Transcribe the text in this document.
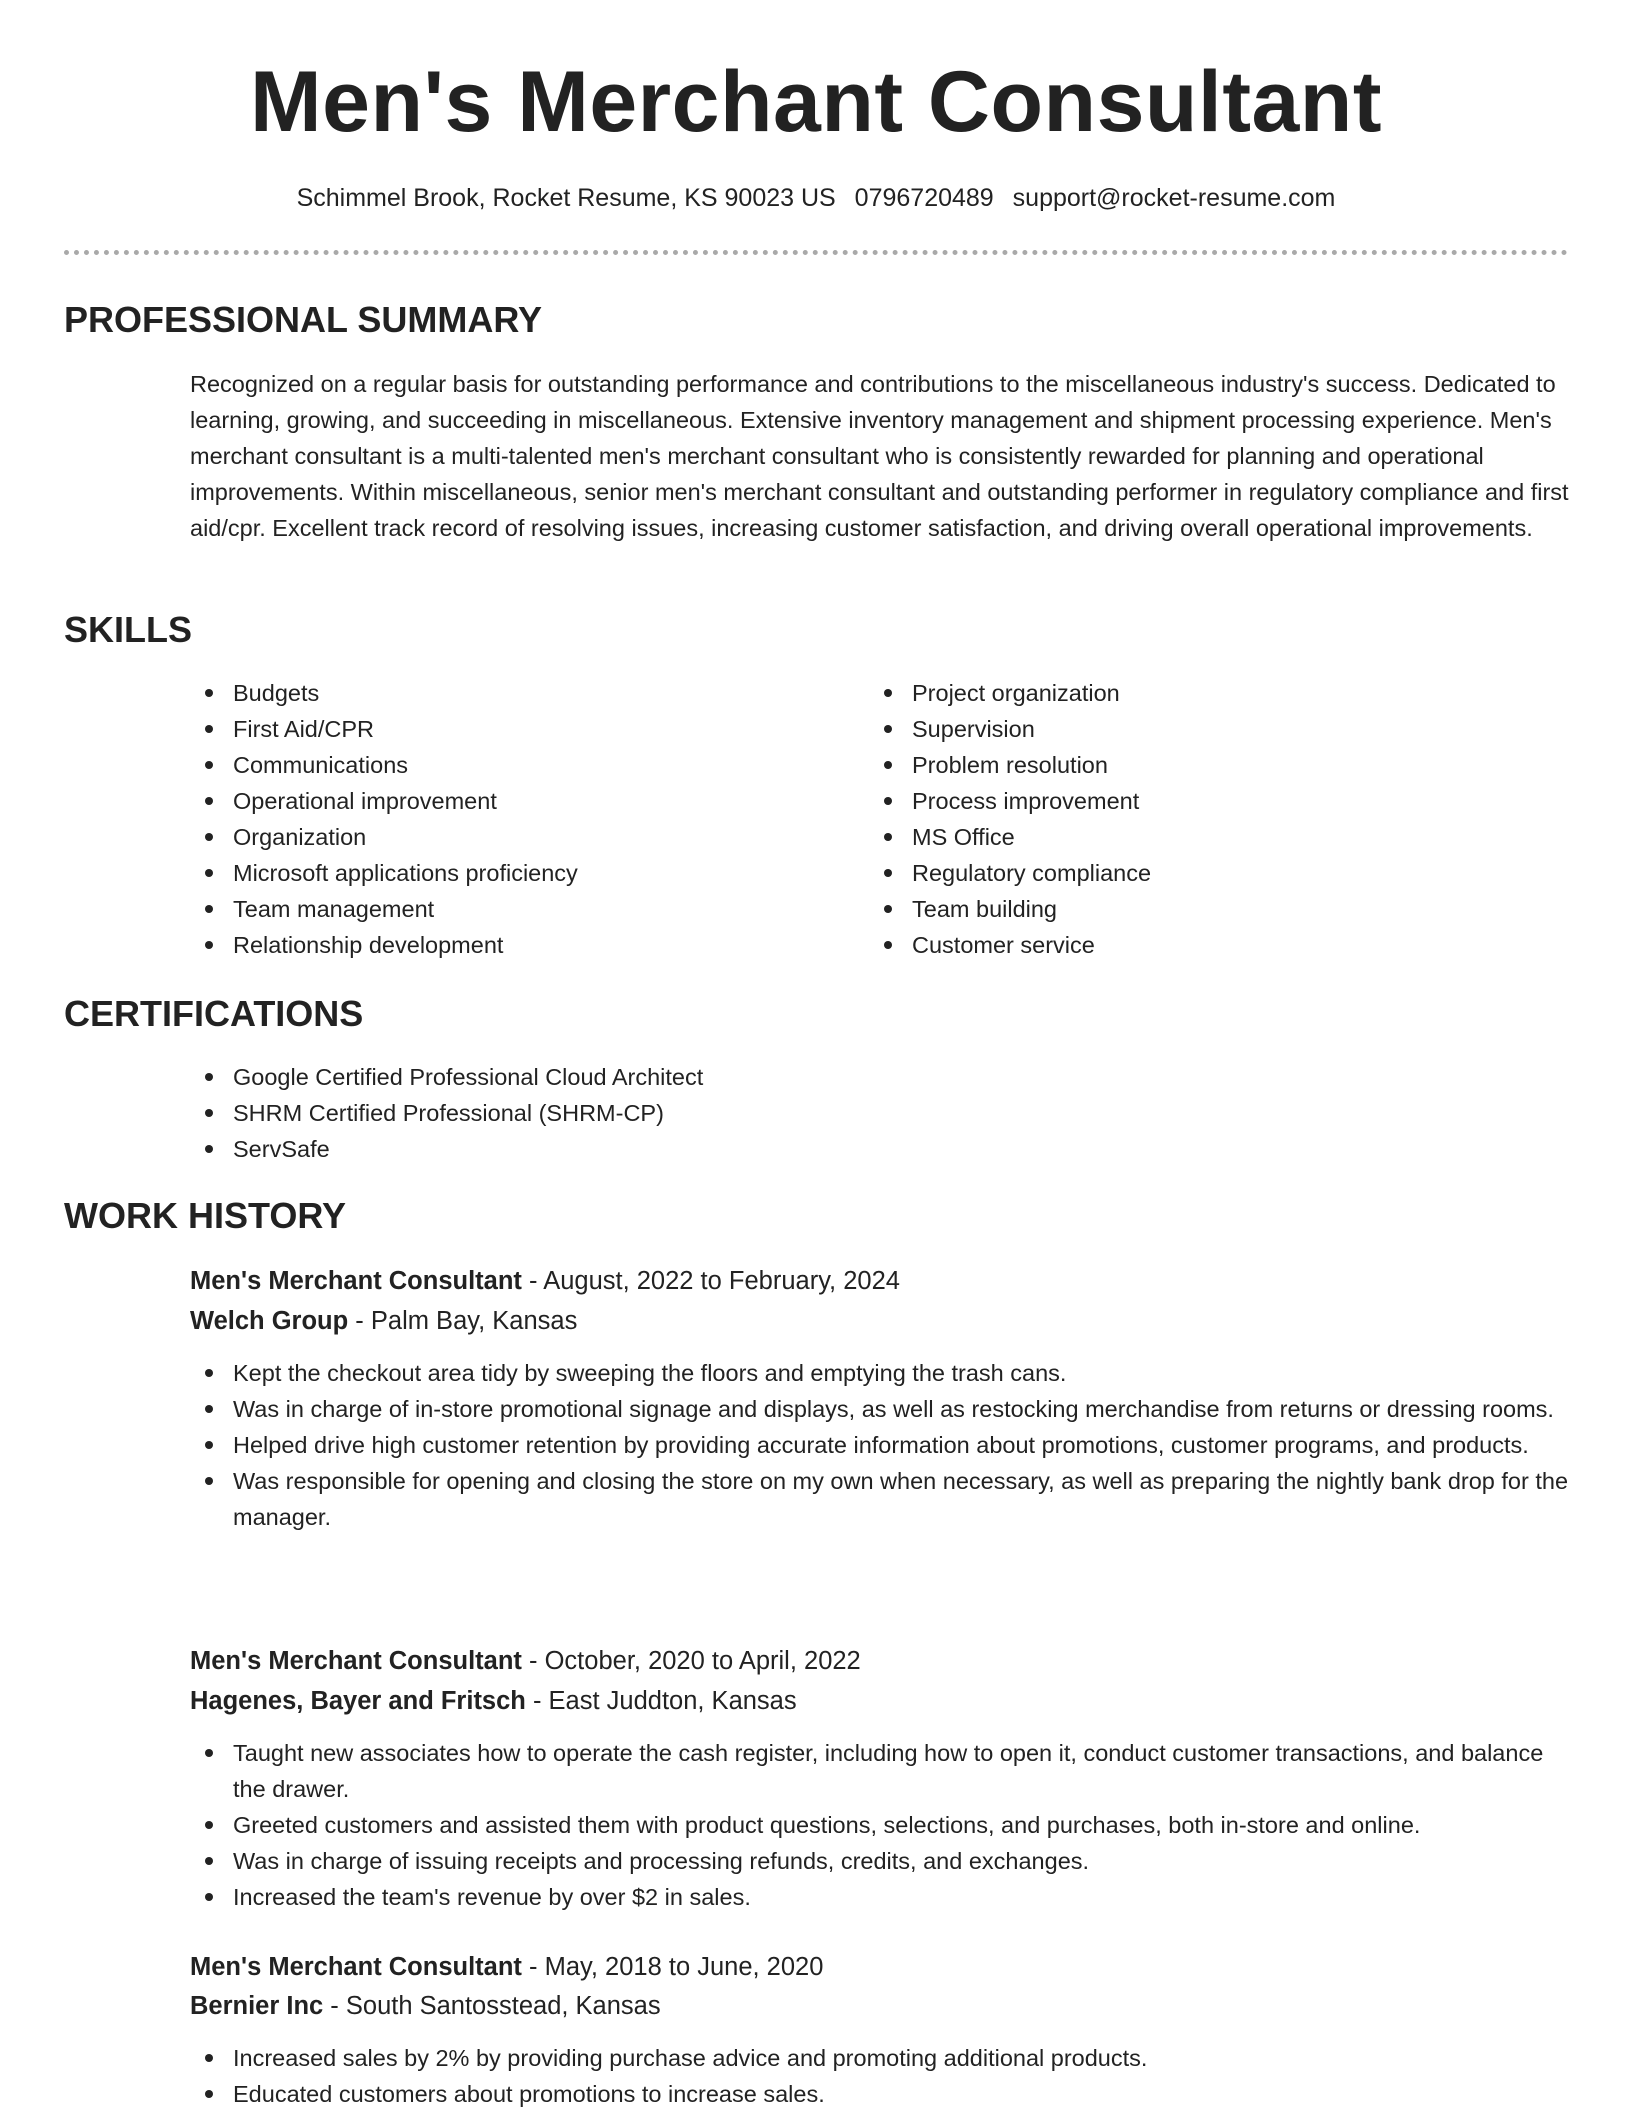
Men's Merchant Consultant
Schimmel Brook, Rocket Resume, KS 90023 US 0796720489 support@rocket-resume.com
PROFESSIONAL SUMMARY

Recognized on a regular basis for outstanding performance and contributions to the miscellaneous industry's success. Dedicated to learning, growing, and succeeding in miscellaneous. Extensive inventory management and shipment processing experience. Men's merchant consultant is a multi-talented men's merchant consultant who is consistently rewarded for planning and operational improvements. Within miscellaneous, senior men's merchant consultant and outstanding performer in regulatory compliance and first aid/cpr. Excellent track record of resolving issues, increasing customer satisfaction, and driving overall operational improvements.

SKILLS
Budgets
First Aid/CPR
Communications
Operational improvement
Organization
Microsoft applications proficiency
Team management
Relationship development
Project organization
Supervision
Problem resolution
Process improvement
MS Office
Regulatory compliance
Team building
Customer service
CERTIFICATIONS
Google Certified Professional Cloud Architect
SHRM Certified Professional (SHRM-CP)
ServSafe
WORK HISTORY

Men's Merchant Consultant - August, 2022 to February, 2024

Welch Group - Palm Bay, Kansas

Kept the checkout area tidy by sweeping the floors and emptying the trash cans.
Was in charge of in-store promotional signage and displays, as well as restocking merchandise from returns or dressing rooms.
Helped drive high customer retention by providing accurate information about promotions, customer programs, and products.
Was responsible for opening and closing the store on my own when necessary, as well as preparing the nightly bank drop for the manager.

Men's Merchant Consultant - October, 2020 to April, 2022

Hagenes, Bayer and Fritsch - East Juddton, Kansas

Taught new associates how to operate the cash register, including how to open it, conduct customer transactions, and balance the drawer.
Greeted customers and assisted them with product questions, selections, and purchases, both in-store and online.
Was in charge of issuing receipts and processing refunds, credits, and exchanges.
Increased the team's revenue by over $2 in sales.

Men's Merchant Consultant - May, 2018 to June, 2020

Bernier Inc - South Santosstead, Kansas

Increased sales by 2% by providing purchase advice and promoting additional products.
Educated customers about promotions to increase sales.
